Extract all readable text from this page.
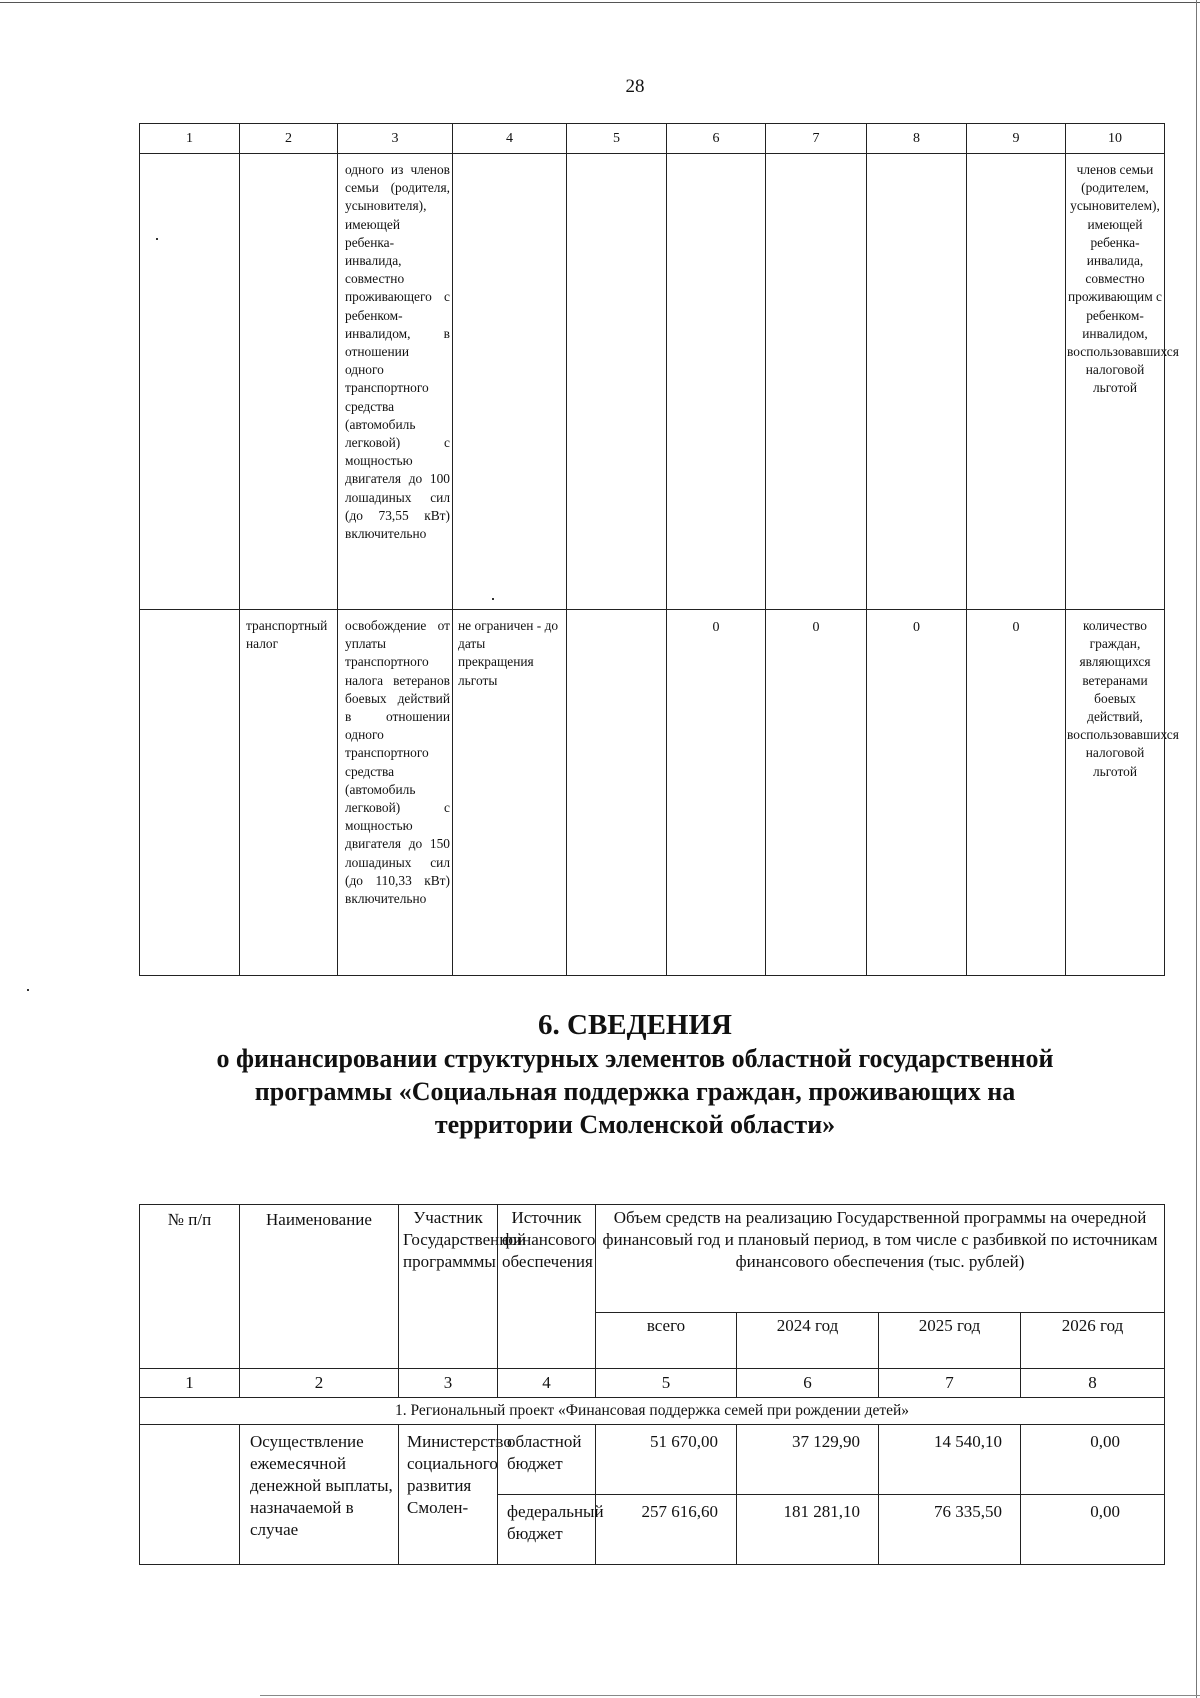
28
1	2	3	4	5	6	7	8	9	10
		одного из членов семьи (родителя, усыновителя), имеющей ребенка-инвалида, совместно проживающего с ребенком-инвалидом, в отношении одного транспортного средства (автомобиль легковой) с мощностью двигателя до 100 лошадиных сил (до 73,55 кВт) включительно							членов семьи (родителем, усыновителем), имеющей ребенка-инвалида, совместно проживающим с ребенком-инвалидом, воспользовавшихся налоговой льготой
	транспортный налог	освобождение от уплаты транспортного налога ветеранов боевых действий в отношении одного транспортного средства (автомобиль легковой) с мощностью двигателя до 150 лошадиных сил (до 110,33 кВт) включительно	не ограничен - до даты прекращения льготы		0	0	0	0	количество граждан, являющихся ветеранами боевых действий, воспользовавшихся налоговой льготой
6. СВЕДЕНИЯ
о финансировании структурных элементов областной государственной программы «Социальная поддержка граждан, проживающих на территории Смоленской области»
№ п/п	Наименование	Участник Государственной программмы	Источник финансового обеспечения	Объем средств на реализацию Государственной программы на очередной финансовый год и плановый период, в том числе с разбивкой по источникам финансового обеспечения (тыс. рублей)			
				всего	2024 год	2025 год	2026 год
1	2	3	4	5	6	7	8
1. Региональный проект «Финансовая поддержка семей при рождении детей»							
	Осуществление ежемесячной денежной выплаты, назначаемой в случае	Министерство социального развития Смолен-	областной бюджет	51 670,00	37 129,90	14 540,10	0,00
			федеральный бюджет	257 616,60	181 281,10	76 335,50	0,00
